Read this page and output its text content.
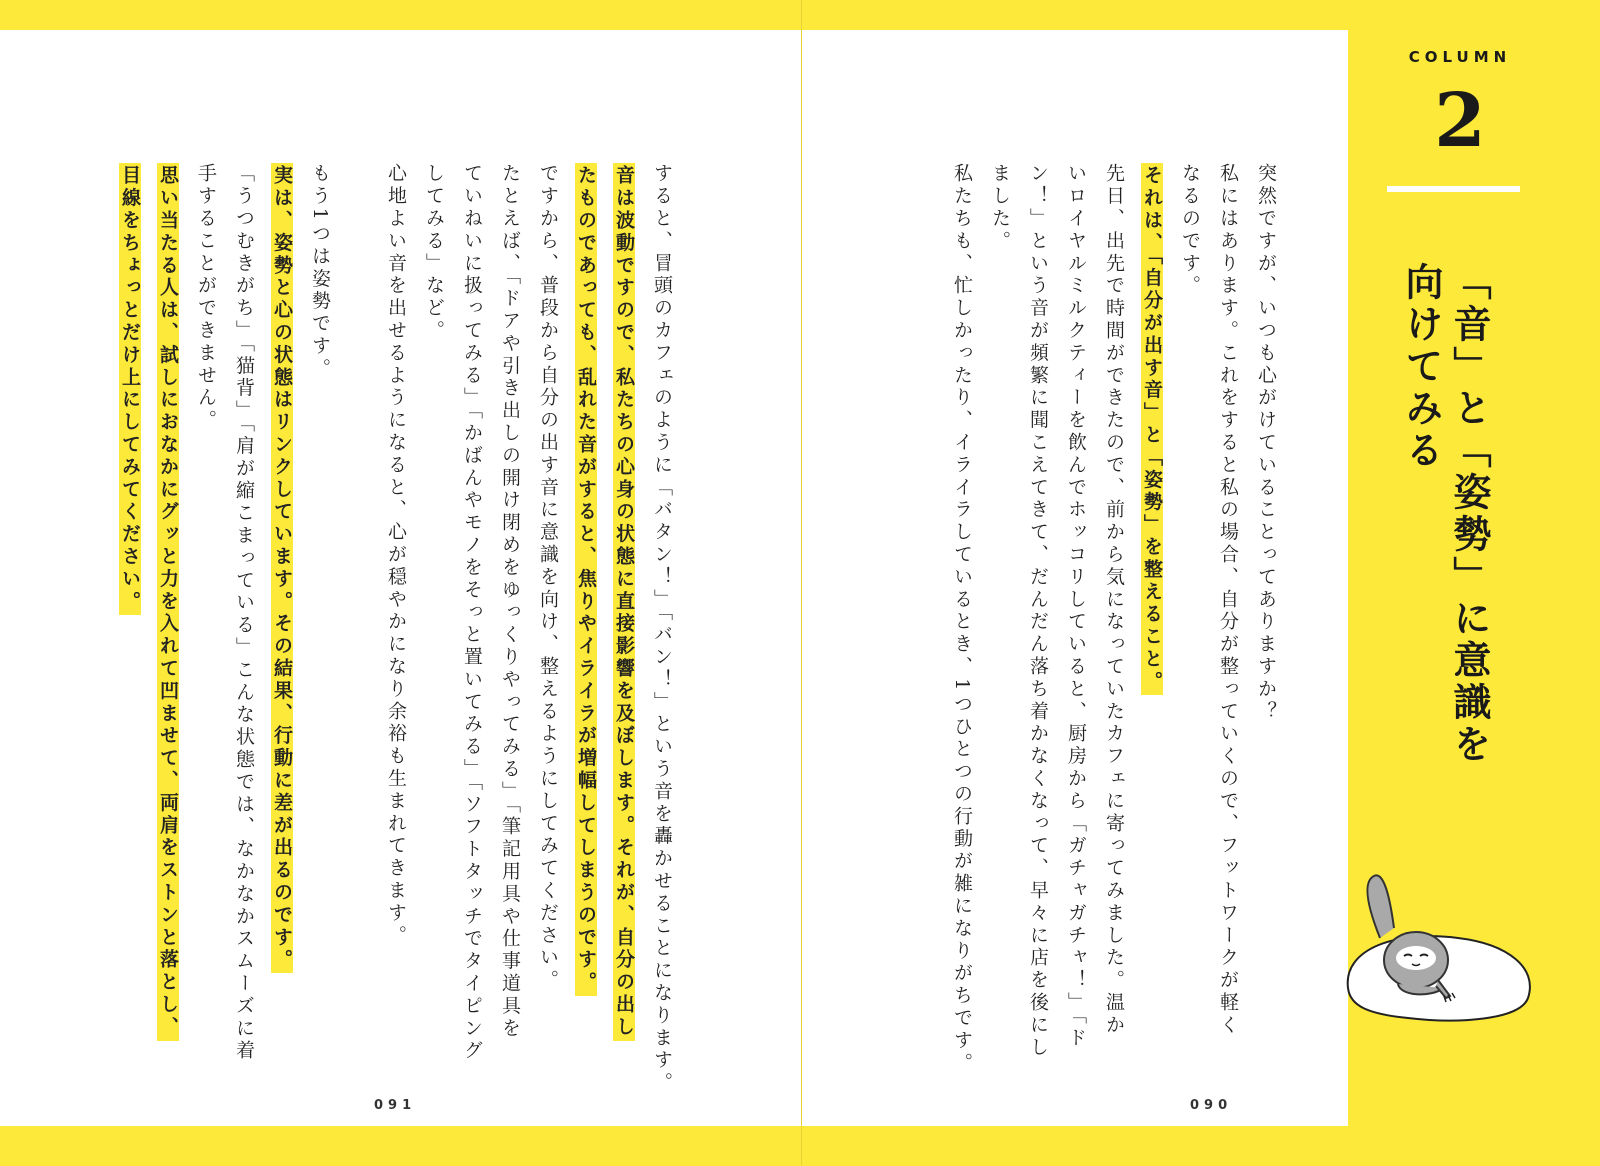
COLUMN
2
「音」と「姿勢」に意識を
向けてみる
突然ですが、いつも心がけていることってありますか？
私にはあります。これをすると私の場合、自分が整っていくので、フットワークが軽く
なるのです。
それは、「自分が出す音」と「姿勢」を整えること。
先日、出先で時間ができたので、前から気になっていたカフェに寄ってみました。温か
いロイヤルミルクティーを飲んでホッコリしていると、厨房から「ガチャガチャ！」「ド
ン！」という音が頻繁に聞こえてきて、だんだん落ち着かなくなって、早々に店を後にし
ました。
私たちも、忙しかったり、イライラしているとき、1つひとつの行動が雑になりがちです。
すると、冒頭のカフェのように「バタン！」「バン！」という音を轟かせることになります。
音は波動ですので、私たちの心身の状態に直接影響を及ぼします。それが、自分の出し
たものであっても、乱れた音がすると、焦りやイライラが増幅してしまうのです。
ですから、普段から自分の出す音に意識を向け、整えるようにしてみてください。
たとえば、「ドアや引き出しの開け閉めをゆっくりやってみる」「筆記用具や仕事道具を
ていねいに扱ってみる」「かばんやモノをそっと置いてみる」「ソフトタッチでタイピング
してみる」など。
心地よい音を出せるようになると、心が穏やかになり余裕も生まれてきます。
もう1つは姿勢です。
実は、姿勢と心の状態はリンクしています。その結果、行動に差が出るのです。
「うつむきがち」「猫背」「肩が縮こまっている」こんな状態では、なかなかスムーズに着
手することができません。
思い当たる人は、試しにおなかにグッと力を入れて凹ませて、両肩をストンと落とし、
目線をちょっとだけ上にしてみてください。
091	090
